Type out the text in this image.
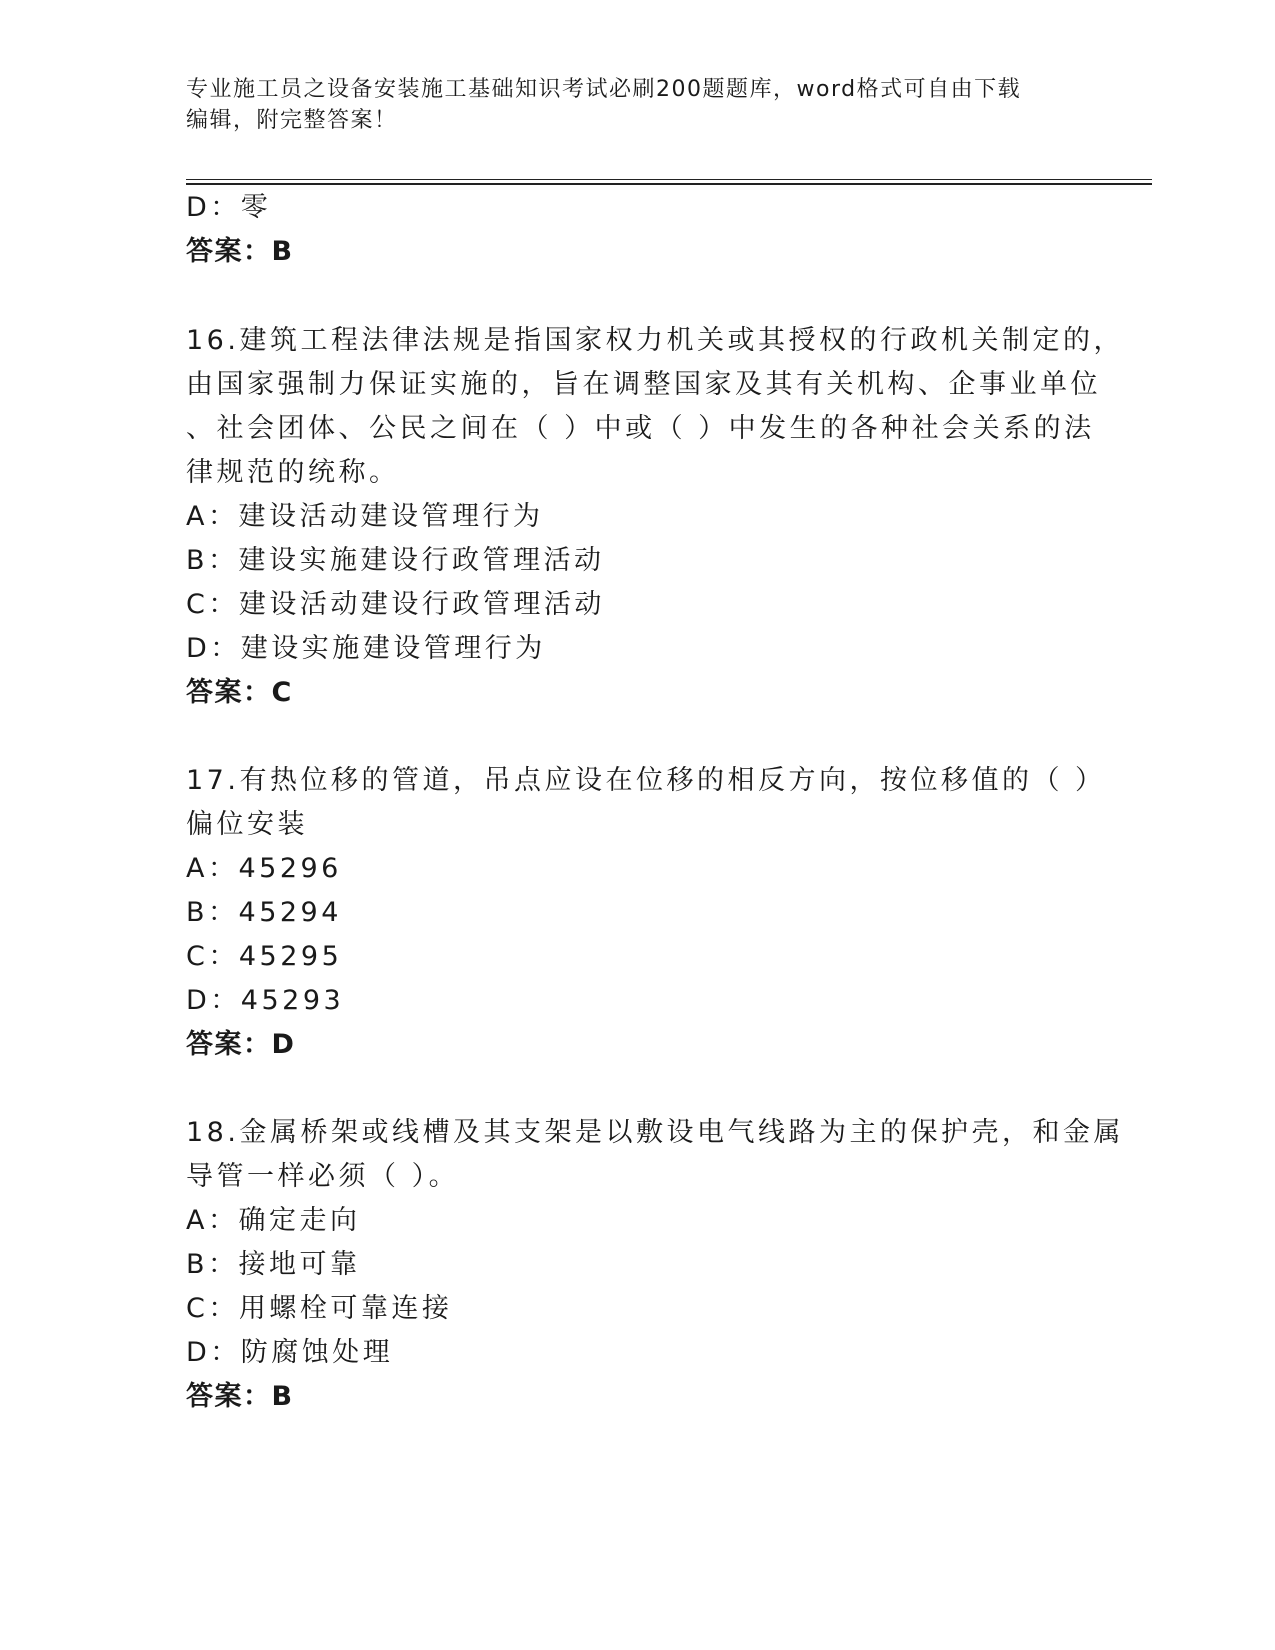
专业施工员之设备安装施工基础知识考试必刷200题题库，word格式可自由下载
编辑，附完整答案！
D：零
答案：B
16.建筑工程法律法规是指国家权力机关或其授权的行政机关制定的，
由国家强制力保证实施的，旨在调整国家及其有关机构、企事业单位
、社会团体、公民之间在（ ）中或（ ）中发生的各种社会关系的法
律规范的统称。
A：建设活动建设管理行为
B：建设实施建设行政管理活动
C：建设活动建设行政管理活动
D：建设实施建设管理行为
答案：C
17.有热位移的管道，吊点应设在位移的相反方向，按位移值的（ ）
偏位安装
A：45296
B：45294
C：45295
D：45293
答案：D
18.金属桥架或线槽及其支架是以敷设电气线路为主的保护壳，和金属
导管一样必须（ ）。
A：确定走向
B：接地可靠
C：用螺栓可靠连接
D：防腐蚀处理
答案：B
